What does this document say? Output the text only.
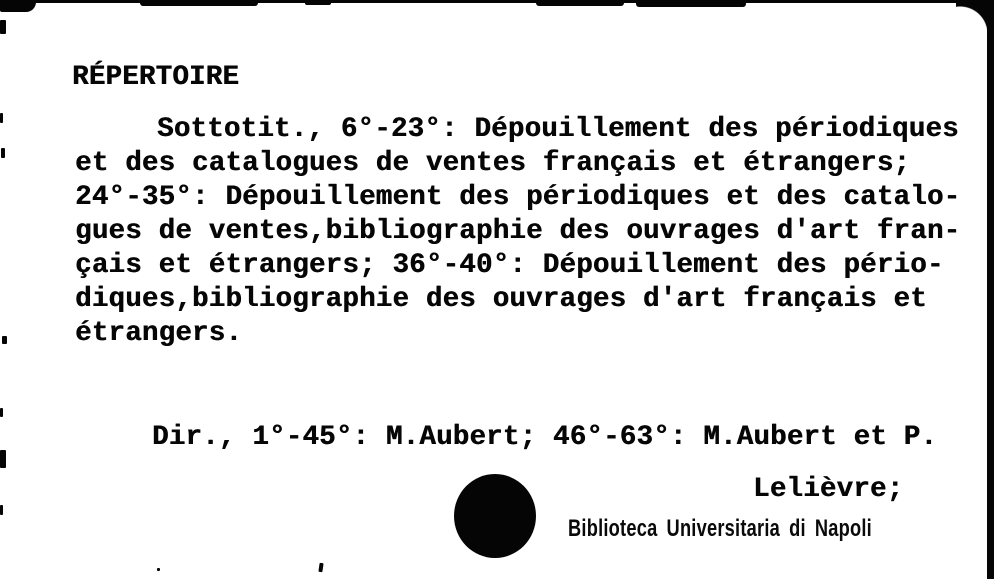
RÉPERTOIRE
Sottotit., 6°-23°: Dépouillement des périodiques
et des catalogues de ventes français et étrangers;
24°-35°: Dépouillement des périodiques et des catalo-
gues de ventes,bibliographie des ouvrages d'art fran-
çais et étrangers; 36°-40°: Dépouillement des pério-
diques,bibliographie des ouvrages d'art français et
étrangers.
Dir., 1°-45°: M.Aubert; 46°-63°: M.Aubert et P.
Lelièvre;
Biblioteca Universitaria di Napoli
